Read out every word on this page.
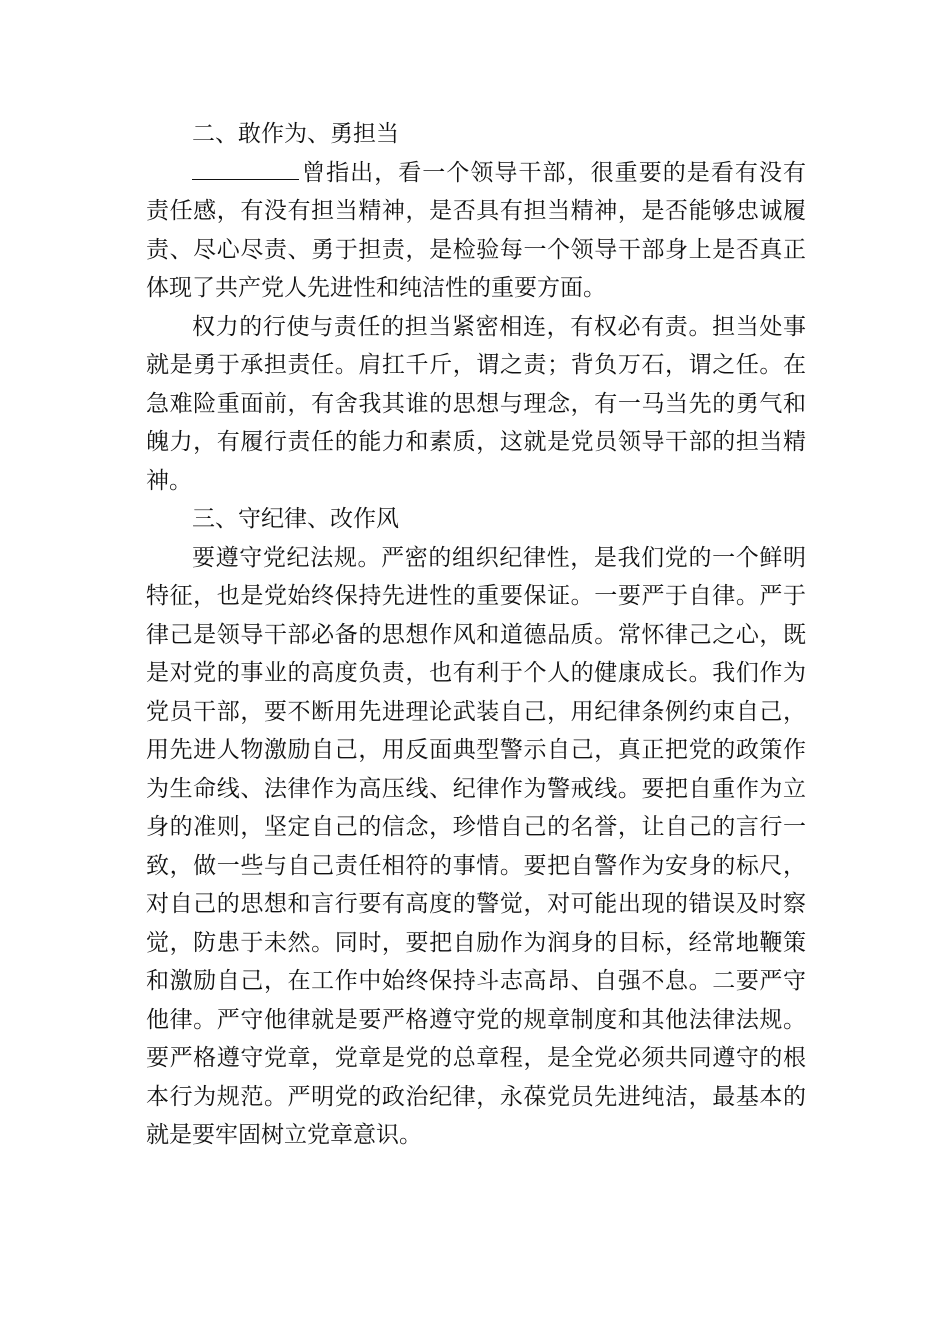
二、敢作为、勇担当

曾指出，看一个领导干部，很重要的是看有没有责任感，有没有担当精神，是否具有担当精神，是否能够忠诚履责、尽心尽责、勇于担责，是检验每一个领导干部身上是否真正体现了共产党人先进性和纯洁性的重要方面。

权力的行使与责任的担当紧密相连，有权必有责。担当处事就是勇于承担责任。肩扛千斤，谓之责；背负万石，谓之任。在急难险重面前，有舍我其谁的思想与理念，有一马当先的勇气和魄力，有履行责任的能力和素质，这就是党员领导干部的担当精神。

三、守纪律、改作风

要遵守党纪法规。严密的组织纪律性，是我们党的一个鲜明特征，也是党始终保持先进性的重要保证。一要严于自律。严于律己是领导干部必备的思想作风和道德品质。常怀律己之心，既是对党的事业的高度负责，也有利于个人的健康成长。我们作为党员干部，要不断用先进理论武装自己，用纪律条例约束自己，用先进人物激励自己，用反面典型警示自己，真正把党的政策作为生命线、法律作为高压线、纪律作为警戒线。要把自重作为立身的准则，坚定自己的信念，珍惜自己的名誉，让自己的言行一致，做一些与自己责任相符的事情。要把自警作为安身的标尺，对自己的思想和言行要有高度的警觉，对可能出现的错误及时察觉，防患于未然。同时，要把自励作为润身的目标，经常地鞭策和激励自己，在工作中始终保持斗志高昂、自强不息。二要严守他律。严守他律就是要严格遵守党的规章制度和其他法律法规。要严格遵守党章，党章是党的总章程，是全党必须共同遵守的根本行为规范。严明党的政治纪律，永葆党员先进纯洁，最基本的就是要牢固树立党章意识。
